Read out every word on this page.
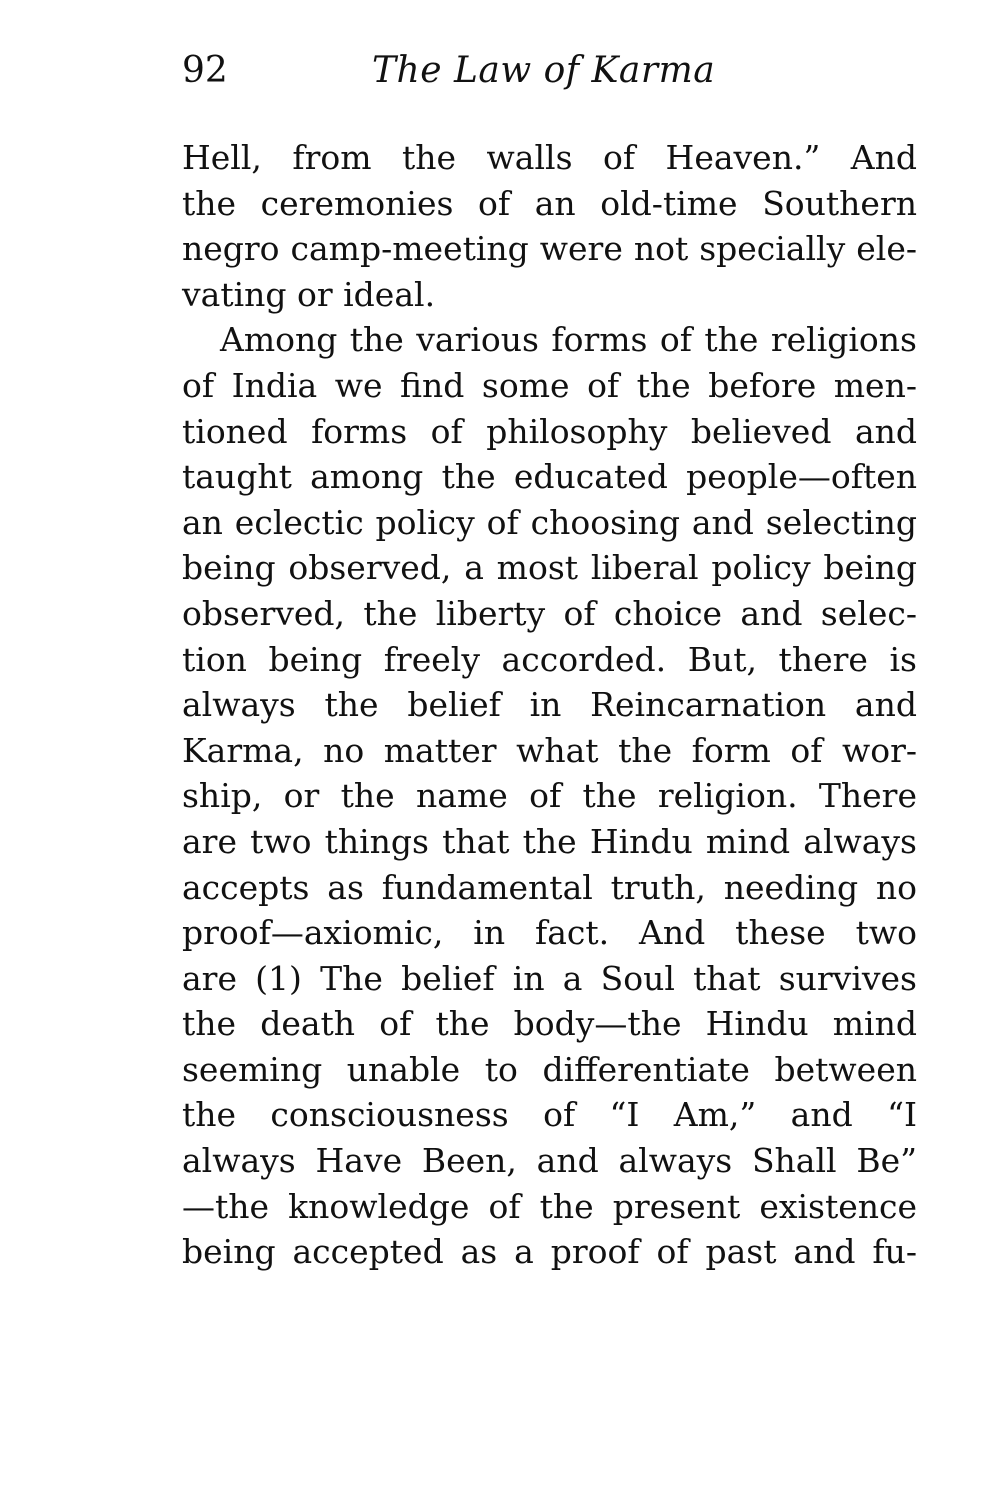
92	The Law of Karma
Hell, from the walls of Heaven.” And
the ceremonies of an old-time Southern
negro camp-meeting were not specially ele-
vating or ideal.
Among the various forms of the religions
of India we find some of the before men-
tioned forms of philosophy believed and
taught among the educated people—often
an eclectic policy of choosing and selecting
being observed, a most liberal policy being
observed, the liberty of choice and selec-
tion being freely accorded. But, there is
always the belief in Reincarnation and
Karma, no matter what the form of wor-
ship, or the name of the religion. There
are two things that the Hindu mind always
accepts as fundamental truth, needing no
proof—axiomic, in fact. And these two
are (1) The belief in a Soul that survives
the death of the body—the Hindu mind
seeming unable to differentiate between
the consciousness of “I Am,” and “I
always Have Been, and always Shall Be”
—the knowledge of the present existence
being accepted as a proof of past and fu-
